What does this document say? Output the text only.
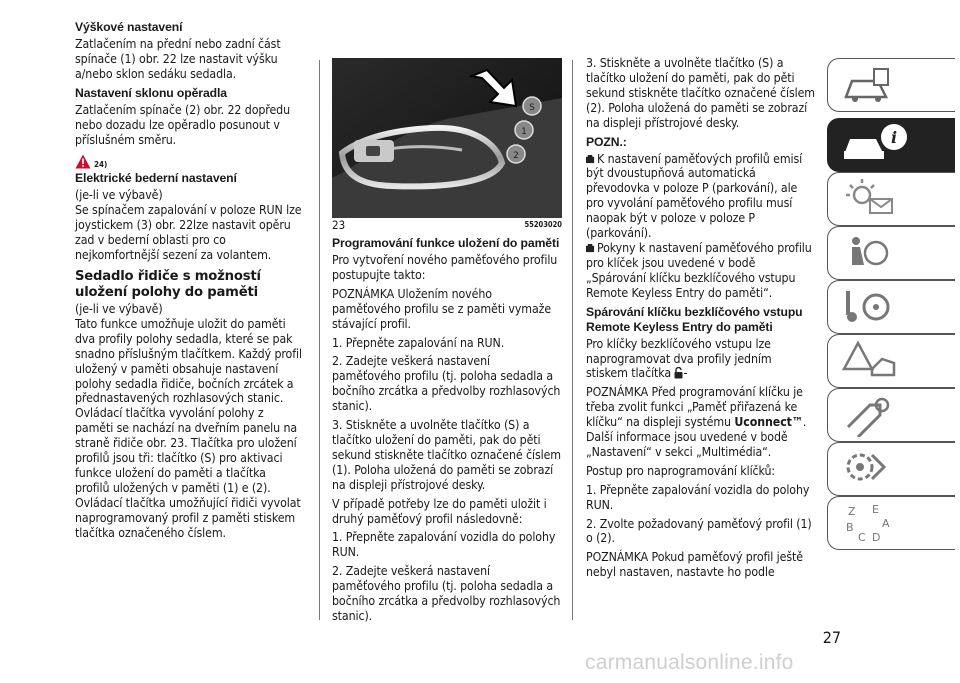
Výškové nastavení

Zatlačením na přední nebo zadní část spínače (1) obr. 22 lze nastavit výšku a/nebo sklon sedáku sedadla.

Nastavení sklonu opěradla

Zatlačením spínače (2) obr. 22 dopředu nebo dozadu lze opěradlo posunout v příslušném směru.

24)

Elektrické bederní nastavení

(je-li ve výbavě)

Se spínačem zapalování v poloze RUN lze joystickem (3) obr. 22lze nastavit opěru zad v bederní oblasti pro co nejkomfortnější sezení za volantem.

Sedadlo řidiče s možností uložení polohy do paměti

(je-li ve výbavě)

Tato funkce umožňuje uložit do paměti dva profily polohy sedadla, které se pak snadno příslušným tlačítkem. Každý profil uložený v paměti obsahuje nastavení polohy sedadla řidiče, bočních zrcátek a přednastavených rozhlasových stanic.

Ovládací tlačítka vyvolání polohy z paměti se nachází na dveřním panelu na straně řidiče obr. 23. Tlačítka pro uložení profilů jsou tři: tlačítko (S) pro aktivaci funkce uložení do paměti a tlačítka profilů uložených v paměti (1) e (2). Ovládací tlačítka umožňující řidiči vyvolat naprogramovaný profil z paměti stiskem tlačítka označeného číslem.

S
1
2
23	55203020

Programování funkce uložení do paměti

Pro vytvoření nového paměťového profilu postupujte takto:

POZNÁMKA Uložením nového paměťového profilu se z paměti vymaže stávající profil.

1. Přepněte zapalování na RUN.

2. Zadejte veškerá nastavení paměťového profilu (tj. poloha sedadla a bočního zrcátka a předvolby rozhlasových stanic).

3. Stiskněte a uvolněte tlačítko (S) a tlačítko uložení do paměti, pak do pěti sekund stiskněte tlačítko označené číslem (1). Poloha uložená do paměti se zobrazí na displeji přístrojové desky.

V případě potřeby lze do paměti uložit i druhý paměťový profil následovně:

1. Přepněte zapalování vozidla do polohy RUN.

2. Zadejte veškerá nastavení paměťového profilu (tj. poloha sedadla a bočního zrcátka a předvolby rozhlasových stanic).

3. Stiskněte a uvolněte tlačítko (S) a tlačítko uložení do paměti, pak do pěti sekund stiskněte tlačítko označené číslem (2). Poloha uložená do paměti se zobrazí na displeji přístrojové desky.

POZN.:

K nastavení paměťových profilů emisí být dvoustupňová automatická převodovka v poloze P (parkování), ale pro vyvolání paměťového profilu musí naopak být v poloze v poloze P (parkování).

Pokyny k nastavení paměťového profilu pro klíček jsou uvedené v bodě „Spárování klíčku bezklíčového vstupu Remote Keyless Entry do paměti“.

Spárování klíčku bezklíčového vstupu Remote Keyless Entry do paměti

Pro klíčky bezklíčového vstupu lze naprogramovat dva profily jedním stiskem tlačítka -

POZNÁMKA Před programování klíčku je třeba zvolit funkci „Paměť přiřazená ke klíčku“ na displeji systému Uconnect™. Další informace jsou uvedené v bodě „Nastavení“ v sekci „Multimédia“.

Postup pro naprogramování klíčků:

1. Přepněte zapalování vozidla do polohy RUN.

2. Zvolte požadovaný paměťový profil (1) o (2).

POZNÁMKA Pokud paměťový profil ještě nebyl nastaven, nastavte ho podle

i
Z E
B	A
C D
27
carmanualsonline.info
